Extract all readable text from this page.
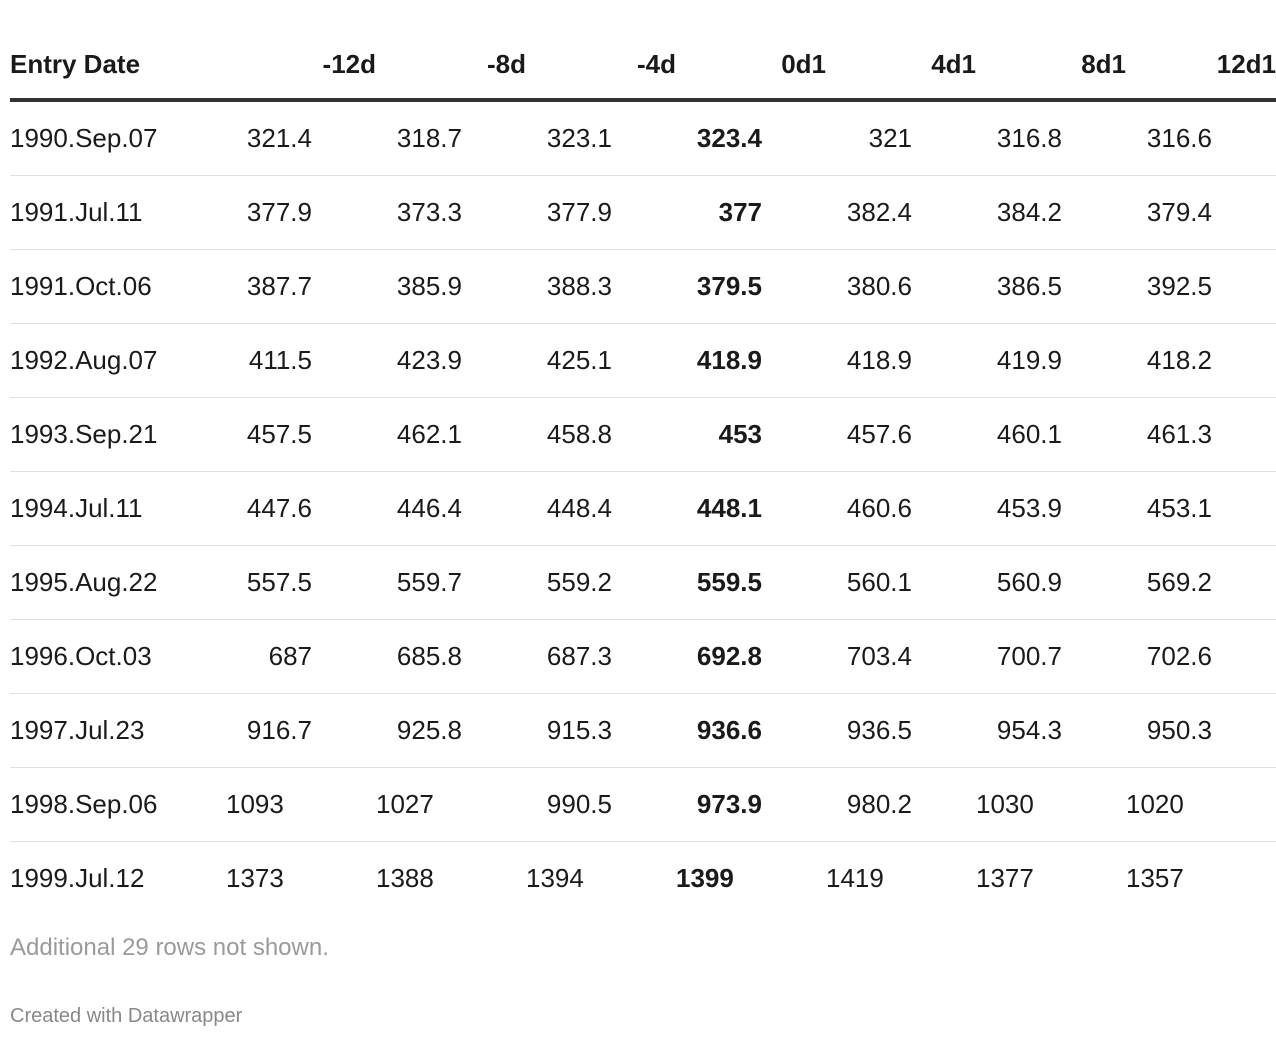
Entry Date	-12d	-8d	-4d	0d1	4d1	8d1	12d1
1990.Sep.07	321.4	318.7	323.1	323.4	321	316.8	316.6
1991.Jul.11	377.9	373.3	377.9	377	382.4	384.2	379.4
1991.Oct.06	387.7	385.9	388.3	379.5	380.6	386.5	392.5
1992.Aug.07	411.5	423.9	425.1	418.9	418.9	419.9	418.2
1993.Sep.21	457.5	462.1	458.8	453	457.6	460.1	461.3
1994.Jul.11	447.6	446.4	448.4	448.1	460.6	453.9	453.1
1995.Aug.22	557.5	559.7	559.2	559.5	560.1	560.9	569.2
1996.Oct.03	687	685.8	687.3	692.8	703.4	700.7	702.6
1997.Jul.23	916.7	925.8	915.3	936.6	936.5	954.3	950.3
1998.Sep.06	1093	1027	990.5	973.9	980.2	1030	1020
1999.Jul.12	1373	1388	1394	1399	1419	1377	1357
Additional 29 rows not shown.
Created with Datawrapper
